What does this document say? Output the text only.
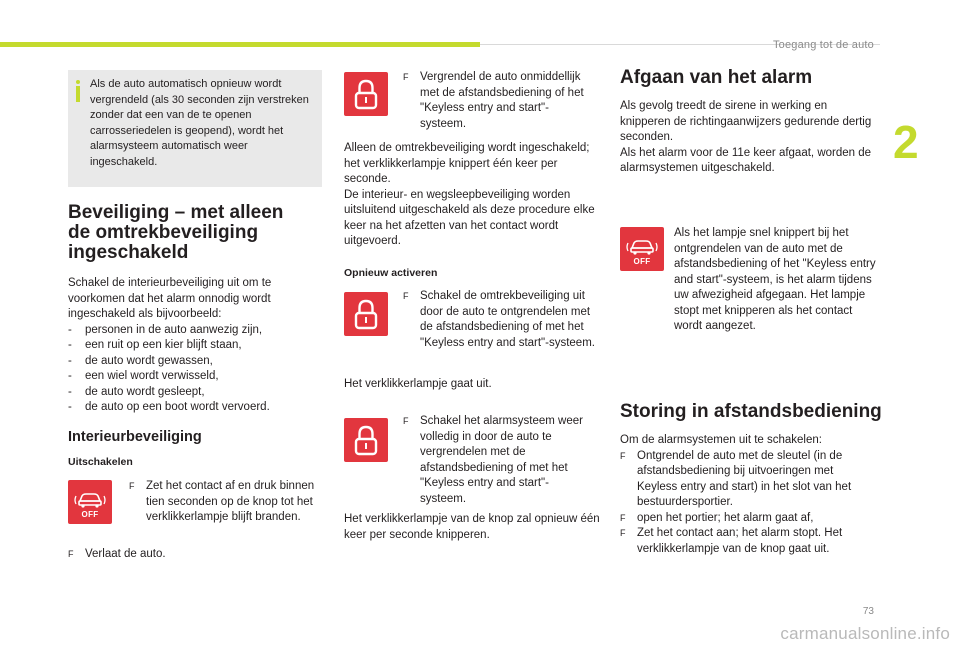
Toegang tot de auto
2

Als de auto automatisch opnieuw wordt vergrendeld (als 30 seconden zijn verstreken zonder dat een van de te openen carrosseriedelen is geopend), wordt het alarmsysteem automatisch weer ingeschakeld.

Beveiliging – met alleen
de omtrekbeveiliging
ingeschakeld

Schakel de interieurbeveiliging uit om te voorkomen dat het alarm onnodig wordt ingeschakeld als bijvoorbeeld:

-	personen in de auto aanwezig zijn,
-	een ruit op een kier blijft staan,
-	de auto wordt gewassen,
-	een wiel wordt verwisseld,
-	de auto wordt gesleept,
-	de auto op een boot wordt vervoerd.
Interieurbeveiliging
Uitschakelen
OFF
F	Zet het contact af en druk binnen tien seconden op de knop tot het verklikkerlampje blijft branden.
F	Verlaat de auto.
F	Vergrendel de auto onmiddellijk met de afstandsbediening of het "Keyless entry and start"-systeem.

Alleen de omtrekbeveiliging wordt ingeschakeld; het verklikkerlampje knippert één keer per seconde.

De interieur- en wegsleepbeveiliging worden uitsluitend uitgeschakeld als deze procedure elke keer na het afzetten van het contact wordt uitgevoerd.

Opnieuw activeren
F	Schakel de omtrekbeveiliging uit door de auto te ontgrendelen met de afstandsbediening of met het "Keyless entry and start"-systeem.

Het verklikkerlampje gaat uit.

F	Schakel het alarmsysteem weer volledig in door de auto te vergrendelen met de afstandsbediening of met het "Keyless entry and start"-systeem.

Het verklikkerlampje van de knop zal opnieuw één keer per seconde knipperen.

Afgaan van het alarm

Als gevolg treedt de sirene in werking en knipperen de richtingaanwijzers gedurende dertig seconden.

Als het alarm voor de 11e keer afgaat, worden de alarmsystemen uitgeschakeld.

OFF

Als het lampje snel knippert bij het ontgrendelen van de auto met de afstandsbediening of het "Keyless entry and start"-systeem, is het alarm tijdens uw afwezigheid afgegaan. Het lampje stopt met knipperen als het contact wordt aangezet.

Storing in afstandsbediening

Om de alarmsystemen uit te schakelen:

F	Ontgrendel de auto met de sleutel (in de afstandsbediening bij uitvoeringen met Keyless entry and start) in het slot van het bestuurdersportier.
F	open het portier; het alarm gaat af,
F	Zet het contact aan; het alarm stopt. Het verklikkerlampje van de knop gaat uit.
73
carmanualsonline.info
